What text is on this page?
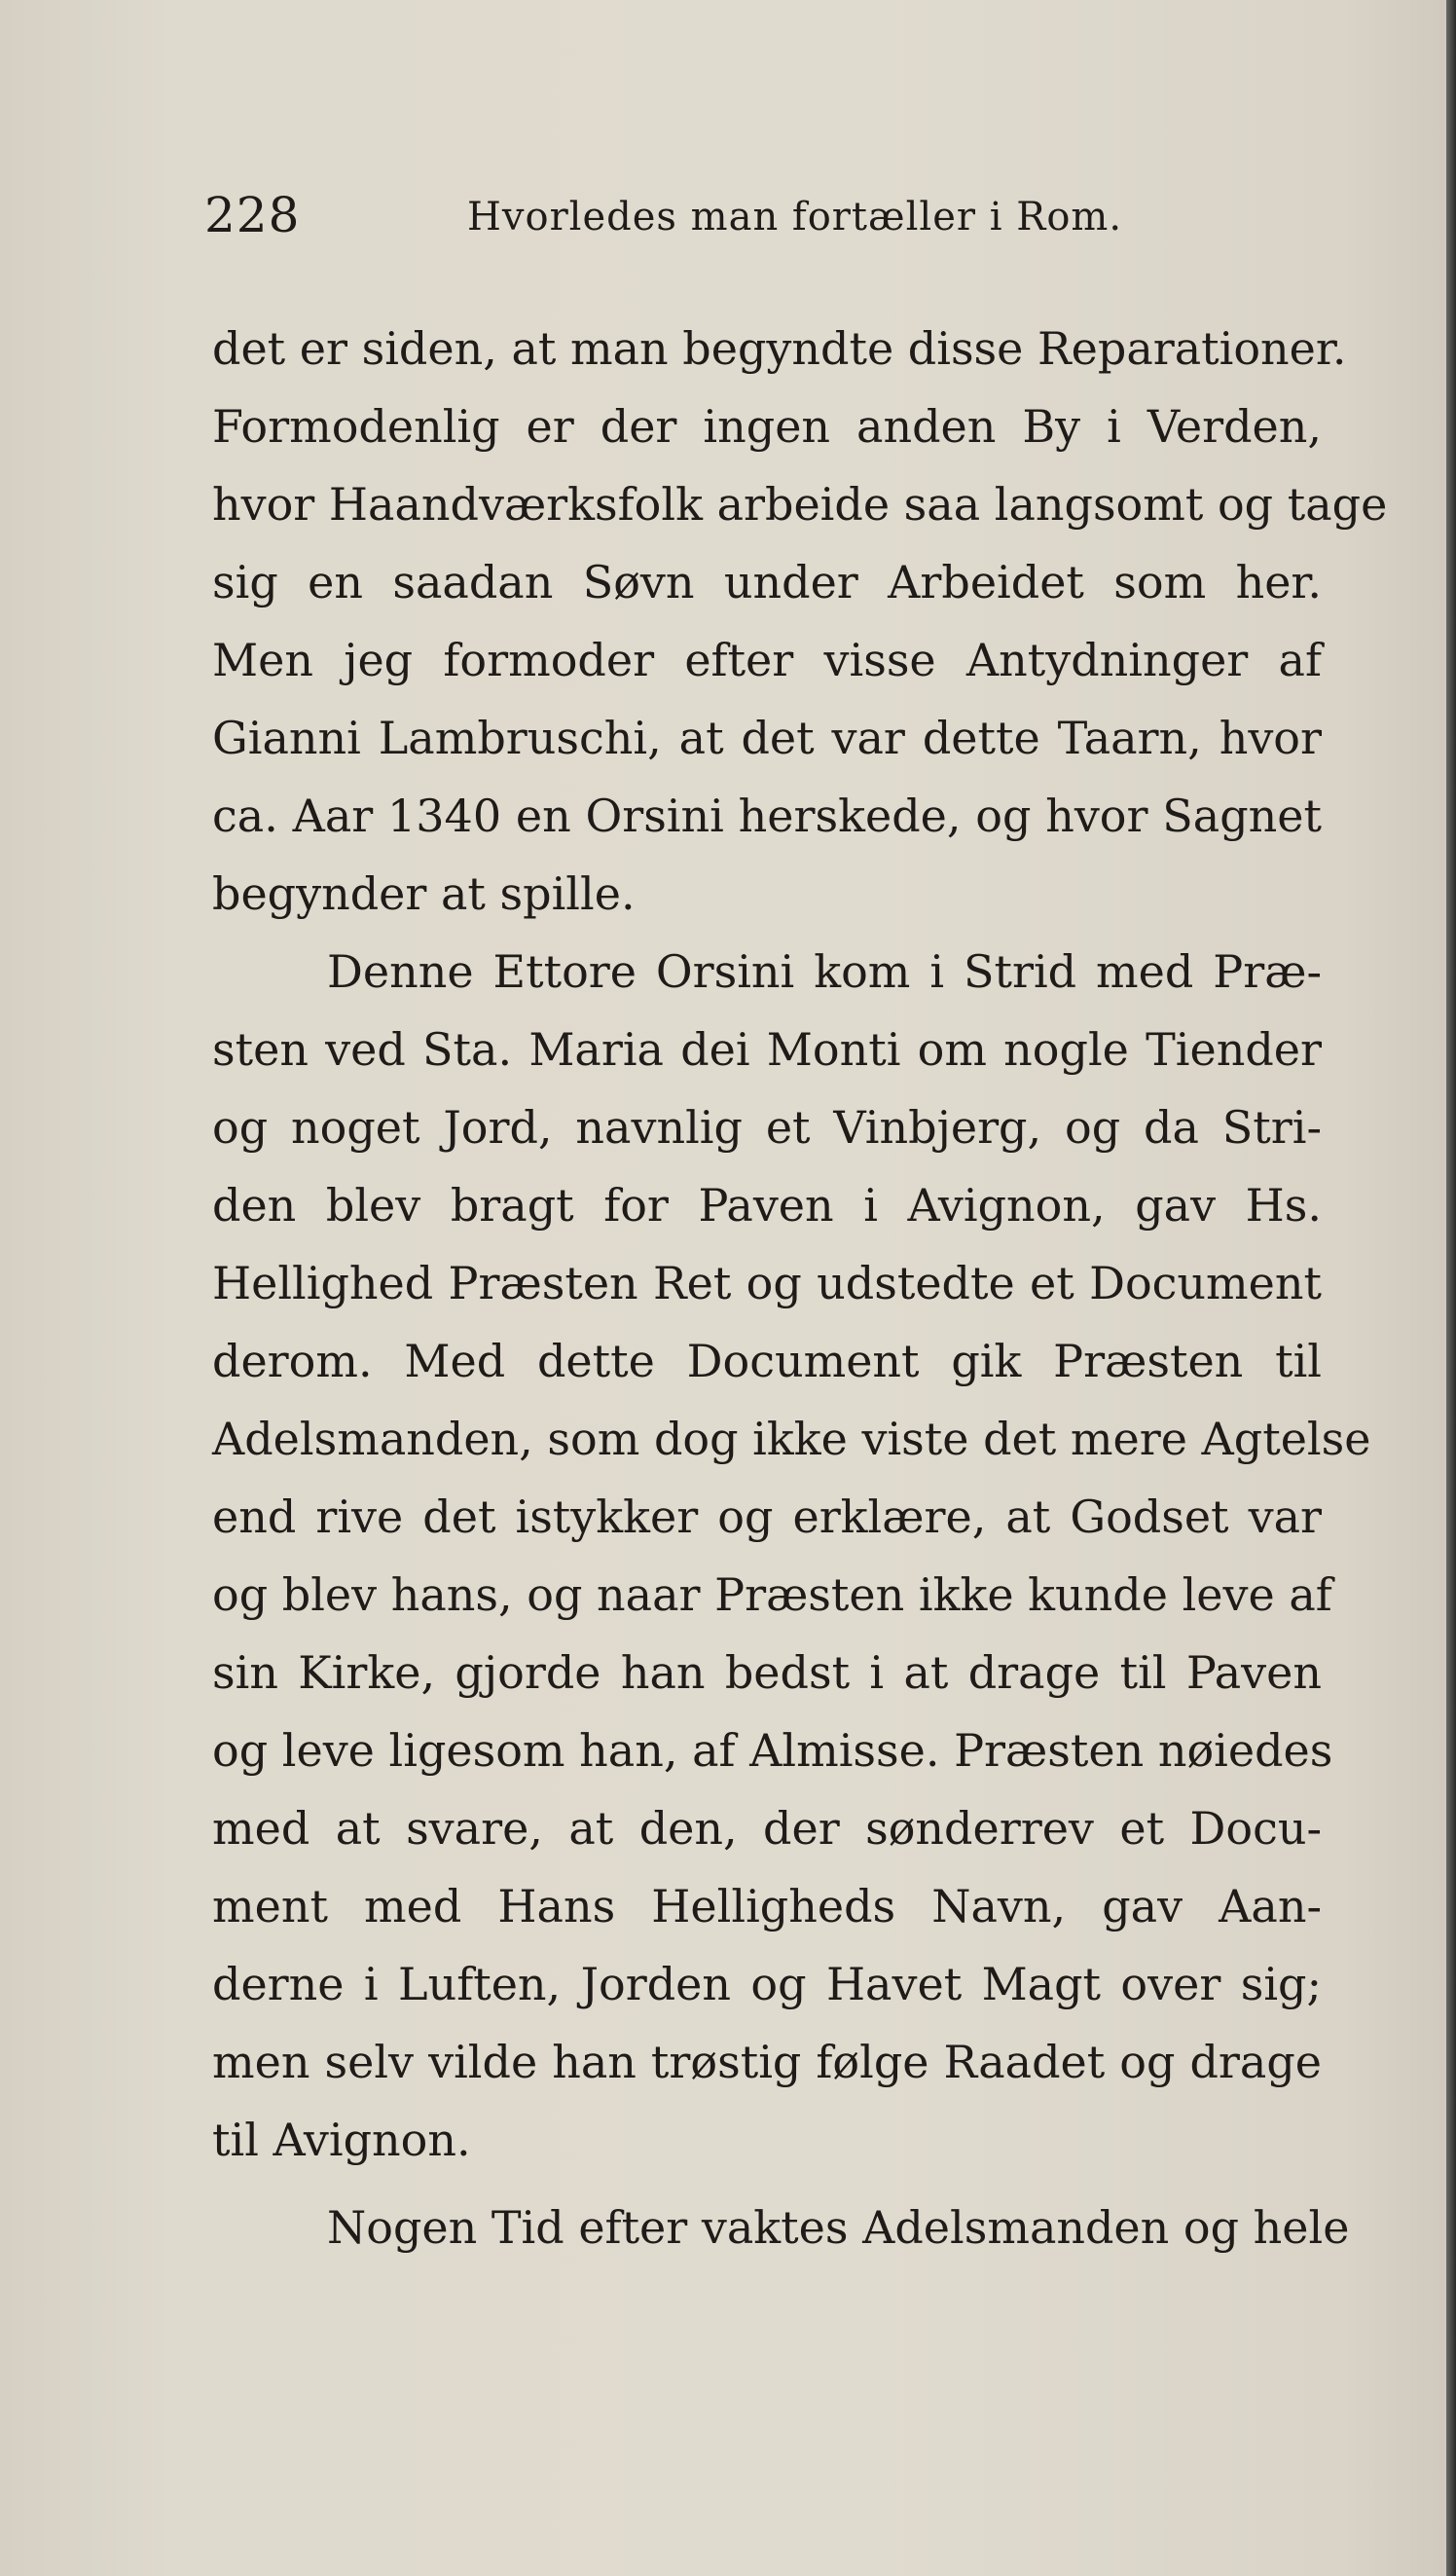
228	Hvorledes man fortæller i Rom.
det er siden, at man begyndte disse Reparationer.
Formodenlig er der ingen anden By i Verden,
hvor Haandværksfolk arbeide saa langsomt og tage
sig en saadan Søvn under Arbeidet som her.
Men jeg formoder efter visse Antydninger af
Gianni Lambruschi, at det var dette Taarn, hvor
ca. Aar 1340 en Orsini herskede, og hvor Sagnet
begynder at spille.
Denne Ettore Orsini kom i Strid med Præ-
sten ved Sta. Maria dei Monti om nogle Tiender
og noget Jord, navnlig et Vinbjerg, og da Stri-
den blev bragt for Paven i Avignon, gav Hs.
Hellighed Præsten Ret og udstedte et Document
derom. Med dette Document gik Præsten til
Adelsmanden, som dog ikke viste det mere Agtelse
end rive det istykker og erklære, at Godset var
og blev hans, og naar Præsten ikke kunde leve af
sin Kirke, gjorde han bedst i at drage til Paven
og leve ligesom han, af Almisse. Præsten nøiedes
med at svare, at den, der sønderrev et Docu-
ment med Hans Helligheds Navn, gav Aan-
derne i Luften, Jorden og Havet Magt over sig;
men selv vilde han trøstig følge Raadet og drage
til Avignon.
Nogen Tid efter vaktes Adelsmanden og hele
